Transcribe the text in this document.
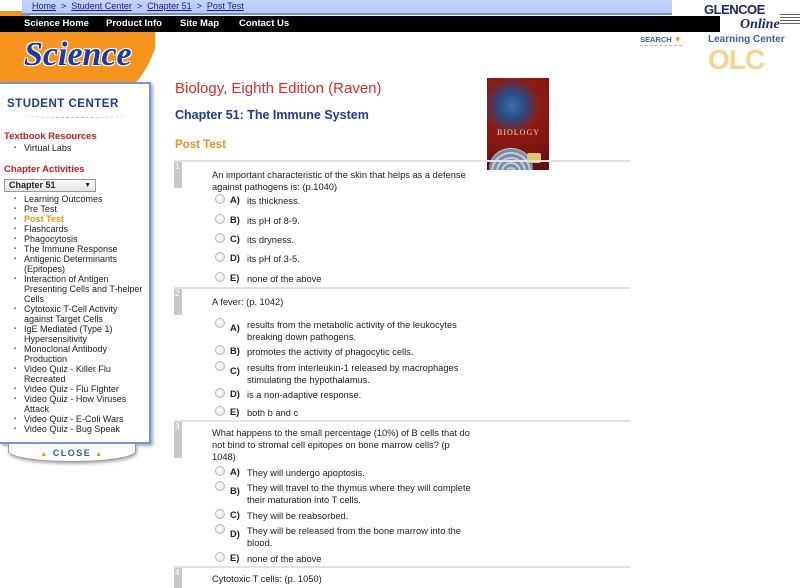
Home > Student Center > Chapter 51 > Post Test
Science Home Product Info Site Map Contact Us
Science
GLENCOE
Online
Learning Center
OLC
SEARCH ▼
STUDENT CENTER
Textbook Resources
▪ Virtual Labs
Chapter Activities
Chapter 51	▼
▪ Learning Outcomes
▪ Pre Test
▪ Post Test
▪ Flashcards
▪ Phagocytosis
▪ The Immune Response
▪ Antigenic Determinants (Epitopes)
▪ Interaction of Antigen Presenting Cells and T-helper Cells
▪ Cytotoxic T-Cell Activity against Target Cells
▪ IgE Mediated (Type 1) Hypersensitivity
▪ Monoclonal Antibody Production
▪ Video Quiz - Killer Flu Recreated
▪ Video Quiz - Flu Fighter
▪ Video Quiz - How Viruses Attack
▪ Video Quiz - E-Coli Wars
▪ Video Quiz - Bug Speak
▲ CLOSE ▲
Biology, Eighth Edition (Raven)
Chapter 51: The Immune System
Post Test
BIOLOGY
1
An important characteristic of the skin that helps as a defense against pathogens is: (p.1040)
A) its thickness.
B) its pH of 8-9.
C) its dryness.
D) its pH of 3-5.
E) none of the above
2
A fever: (p. 1042)
A) results from the metabolic activity of the leukocytes breaking down pathogens.
B) promotes the activity of phagocytic cells.
C) results from interleukin-1 released by macrophages stimulating the hypothalamus.
D) is a non-adaptive response.
E) both b and c
3
What happens to the small percentage (10%) of B cells that do not bind to stromal cell epitopes on bone marrow cells? (p 1048)
A) They will undergo apoptosis.
B) They will travel to the thymus where they will complete their maturation into T cells.
C) They will be reabsorbed.
D) They will be released from the bone marrow into the blood.
E) none of the above
4
Cytotoxic T cells: (p. 1050)
